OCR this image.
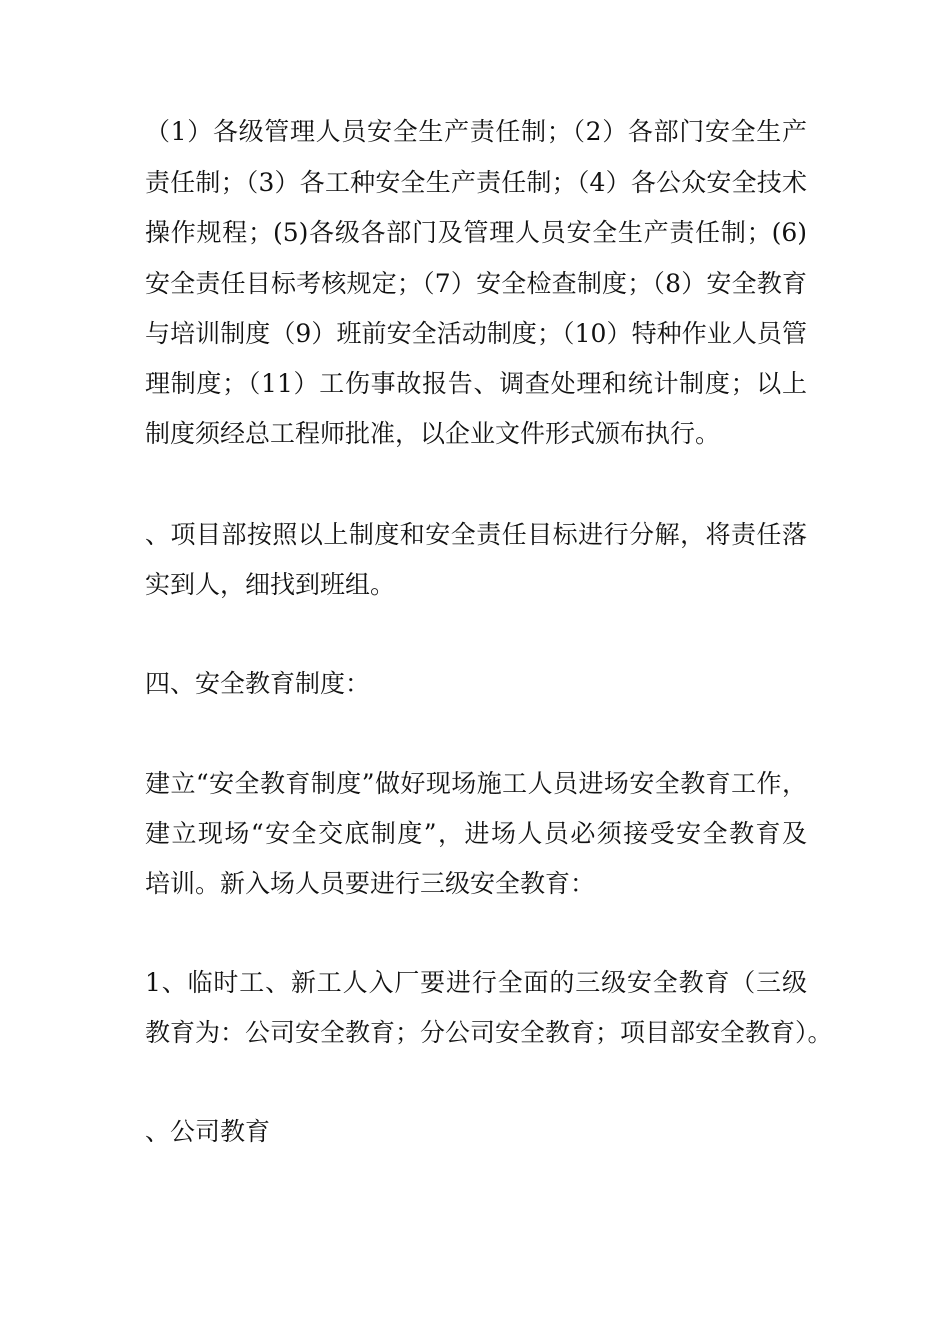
（1）各级管理人员安全生产责任制；（2）各部门安全生产
责任制；（3）各工种安全生产责任制；（4）各公众安全技术
操作规程；(5)各级各部门及管理人员安全生产责任制；(6)
安全责任目标考核规定；（7）安全检查制度；（8）安全教育
与培训制度（9）班前安全活动制度；（10）特种作业人员管
理制度；（11）工伤事故报告、调查处理和统计制度；以上
制度须经总工程师批准，以企业文件形式颁布执行。
、项目部按照以上制度和安全责任目标进行分解，将责任落
实到人，细找到班组。
四、安全教育制度：
建立“安全教育制度”做好现场施工人员进场安全教育工作，
建立现场“安全交底制度”，进场人员必须接受安全教育及
培训。新入场人员要进行三级安全教育：
1、临时工、新工人入厂要进行全面的三级安全教育（三级
教育为：公司安全教育；分公司安全教育；项目部安全教育）。
、公司教育
